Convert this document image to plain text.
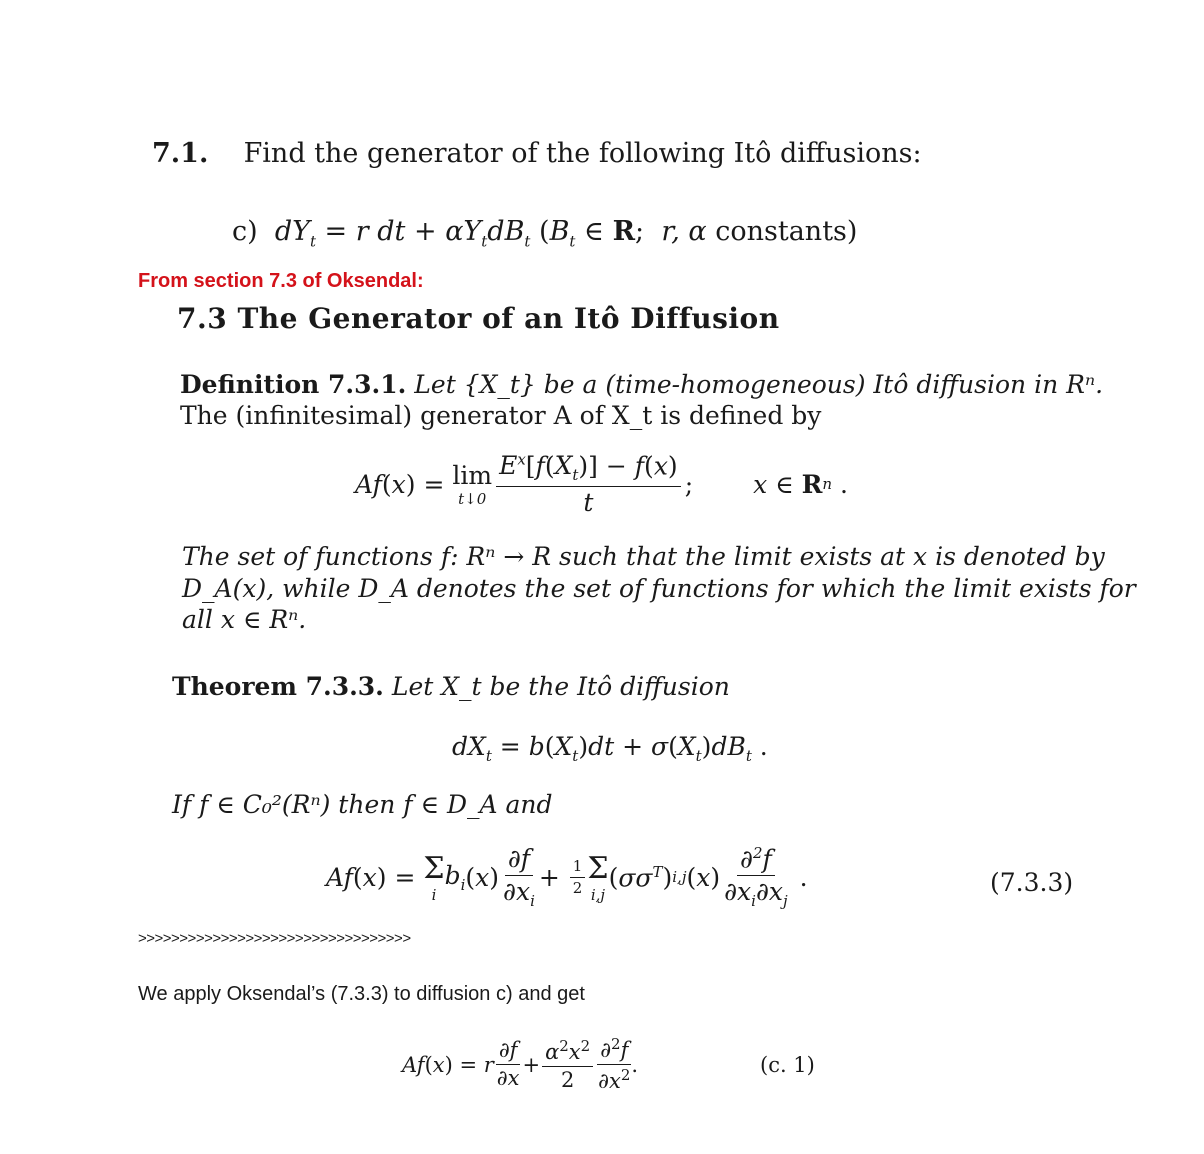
7.1. Find the generator of the following Itô diffusions:
c)  $dY_t = r$ dt + $\alpha Y_tdB_t$ ($B_t$ ∈ R;  r, α constants)
From section 7.3 of Oksendal:
7.3 The Generator of an Itô Diffusion
Definition 7.3.1. Let {X_t} be a (time-homogeneous) Itô diffusion in Rⁿ.
The (infinitesimal) generator A of X_t is defined by
Af ( x ) = lim
t↓0 $\frac{E^x[f(X_t)] - f(x)}{t}$ ; x ∈ R n .
The set of functions f: Rⁿ → R such that the limit exists at x is denoted by
D_A(x), while D_A denotes the set of functions for which the limit exists for
all x ∈ Rⁿ.
Theorem 7.3.3. Let X_t be the Itô diffusion
$dX_t = b(X_t)dt + \sigma(X_t)dB_t$ .
If f ∈ C₀²(Rⁿ) then f ∈ D_A and
Af ( x ) = Σ
i
$b_i$ ( x ) $\frac{\partial f}{\partial x_i} + \frac{1}{2}$ Σ
i,j
( $\sigma\sigma^T$ ) i,j ( x ) $\frac{\partial^2f}{\partial x_i\partial x_j}$ .	(7.3.3)
>>>>>>>>>>>>>>>>>>>>>>>>>>>>>>>>>
We apply Oksendal’s (7.3.3) to diffusion c) and get
Af ( x ) = r $\frac{\partial f}{\partial x} + \frac{\alpha^2x^2}{2} \frac{\partial^2f}{\partial x^2}$ .	(c. 1)
